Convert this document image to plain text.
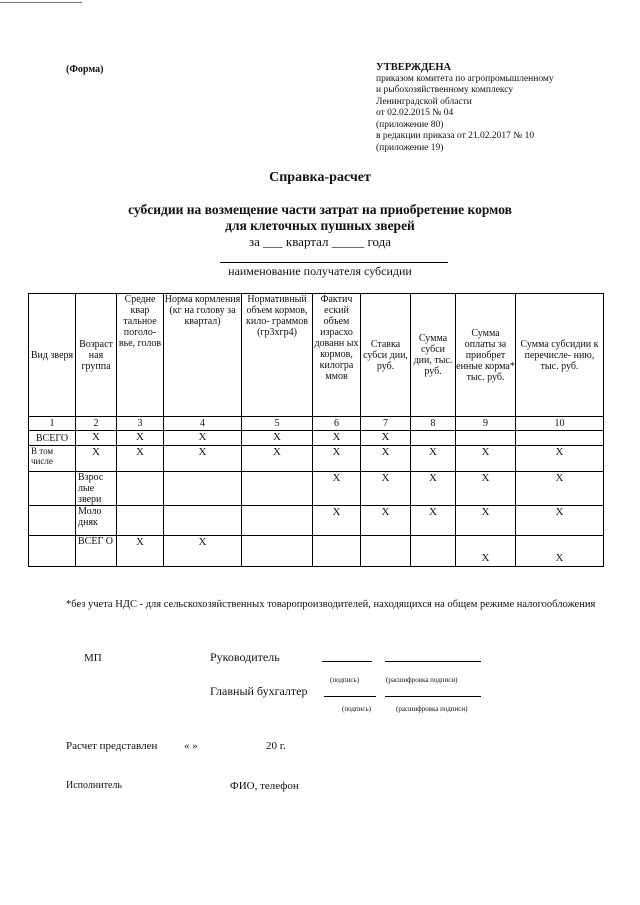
(Форма)	УТВЕРЖДЕНА
приказом комитета по агропромышленному
и рыбохозяйственному комплексу
Ленинградской области
от 02.02.2015 № 04
(приложение 80)
в редакции приказа от 21.02.2017 № 10
(приложение 19)
Справка-расчет
субсидии на возмещение части затрат на приобретение кормов
для клеточных пушных зверей
за ___ квартал _____ года
наименование получателя субсидии
Вид зверя	Возраст ная группа	Средне квар тальное поголо- вье, голов	Норма кормления (кг на голову за квартал)	Нормативный объем кормов, кило- граммов (гр3хгр4)	Фактич еский объем израсхо дованн ых кормов, килогра ммов	Ставка субси дии, руб.	Сумма субси дии, тыс. руб.	Сумма оплаты за приобрет енные корма* тыс. руб.	Сумма субсидии к перечисле- нию, тыс. руб.
1	2	3	4	5	6	7	8	9	10
ВСЕГО	Х	Х	Х	Х	Х	Х			
В том числе	Х	Х	Х	Х	Х	Х	Х	Х	Х
	Взрос лые звери				Х	Х	Х	Х	Х
	Моло дняк				Х	Х	Х	Х	Х
	ВСЕГ О	Х	Х					Х	Х
*без учета НДС - для сельскохозяйственных товаропроизводителей, находящихся на общем режиме налогообложения
МП	Руководитель
(подпись)	(расшифровка подписи)
Главный бухгалтер
(подпись)	(расшифровка подписи)
Расчет представлен « »	20 г.
Исполнитель	ФИО, телефон
